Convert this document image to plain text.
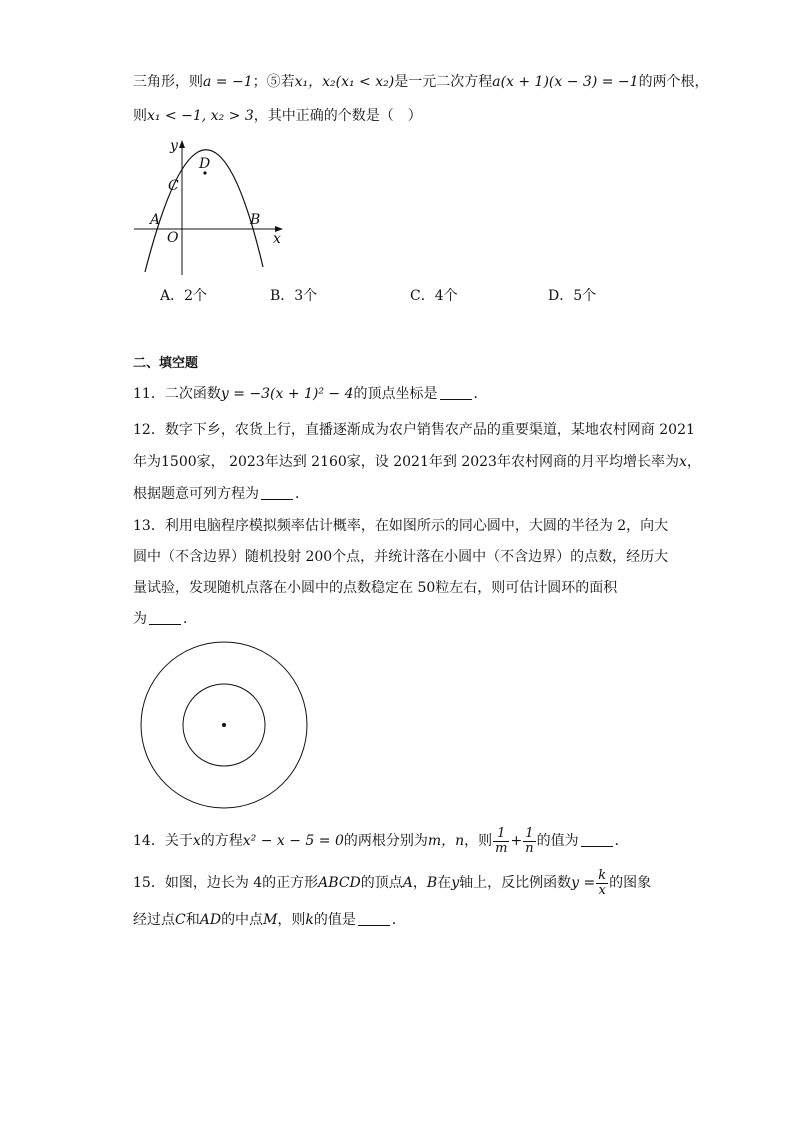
三角形，则a = −1；⑤若x₁，x₂(x₁ < x₂)是一元二次方程a(x + 1)(x − 3) = −1的两个根，
则x₁ < −1, x₂ > 3，其中正确的个数是（　）
y
x
D
C
A	B
O
A．2个	B．3个	C．4个	D．5个
二、填空题
11．二次函数y = −3(x + 1)² − 4的顶点坐标是	．
12．数字下乡，农货上行，直播逐渐成为农户销售农产品的重要渠道，某地农村网商 2021
年为1500家， 2023年达到 2160家，设 2021年到 2023年农村网商的月平均增长率为x，
根据题意可列方程为	．
13．利用电脑程序模拟频率估计概率，在如图所示的同心圆中，大圆的半径为 2，向大
圆中（不含边界）随机投射 200个点，并统计落在小圆中（不含边界）的点数，经历大
量试验，发现随机点落在小圆中的点数稳定在 50粒左右，则可估计圆环的面积
为	．
14．关于x的方程x² − x − 5 = 0的两根分别为m，n，则 $\frac{1}{m} + \frac{1}{n}$ 的值为	．
15．如图，边长为 4的正方形ABCD的顶点A，B在y轴上，反比例函数$y = \frac{k}{x}$ 的图象
经过点C和AD的中点M，则k的值是	．
